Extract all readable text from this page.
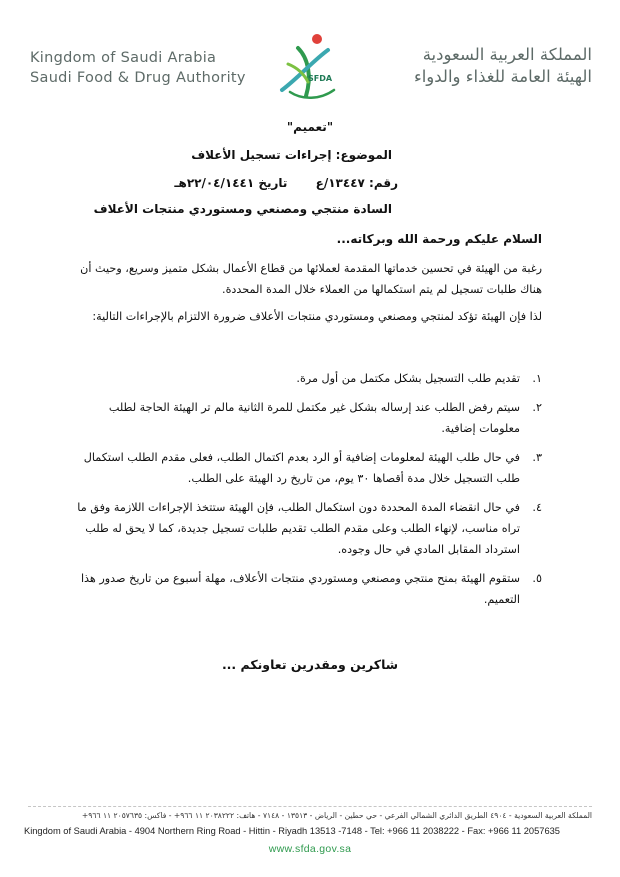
Kingdom of Saudi Arabia
Saudi Food & Drug Authority	SFDA
المملكة العربية السعودية
الهيئة العامة للغذاء والدواء
"تعميم"
الموضوع: إجراءات تسجيل الأعلاف
رقم: ١٣٤٤٧/ع تاريخ ٢٢/٠٤/١٤٤١هـ
السادة منتجي ومصنعي ومستوردي منتجات الأعلاف
السلام عليكم ورحمة الله وبركاته...
رغبة من الهيئة في تحسين خدماتها المقدمة لعملائها من قطاع الأعمال بشكل متميز وسريع، وحيث أن هناك طلبات تسجيل لم يتم استكمالها من العملاء خلال المدة المحددة.
لذا فإن الهيئة تؤكد لمنتجي ومصنعي ومستوردي منتجات الأعلاف ضرورة الالتزام بالإجراءات التالية:
١.
تقديم طلب التسجيل بشكل مكتمل من أول مرة.
٢.
سيتم رفض الطلب عند إرساله بشكل غير مكتمل للمرة الثانية مالم تر الهيئة الحاجة لطلب معلومات إضافية.
٣.
في حال طلب الهيئة لمعلومات إضافية أو الرد بعدم اكتمال الطلب، فعلى مقدم الطلب استكمال طلب التسجيل خلال مدة أقصاها ٣٠ يوم، من تاريخ رد الهيئة على الطلب.
٤.
في حال انقضاء المدة المحددة دون استكمال الطلب، فإن الهيئة ستتخذ الإجراءات اللازمة وفق ما تراه مناسب، لإنهاء الطلب وعلى مقدم الطلب تقديم طلبات تسجيل جديدة، كما لا يحق له طلب استرداد المقابل المادي في حال وجوده.
٥.
ستقوم الهيئة بمنح منتجي ومصنعي ومستوردي منتجات الأعلاف، مهلة أسبوع من تاريخ صدور هذا التعميم.
شاكرين ومقدرين تعاونكم ...
المملكة العربية السعودية - ٤٩٠٤ الطريق الدائري الشمالي الفرعي - حي حطين - الرياض - ١٣٥١٣ - ٧١٤٨ - هاتف: ٢٠٣٨٢٢٢ ١١ ٩٦٦+ - فاكس: ٢٠٥٧٦٣٥ ١١ ٩٦٦+
Kingdom of Saudi Arabia - 4904 Northern Ring Road - Hittin - Riyadh 13513 -7148 - Tel: +966 11 2038222 - Fax: +966 11 2057635
www.sfda.gov.sa
